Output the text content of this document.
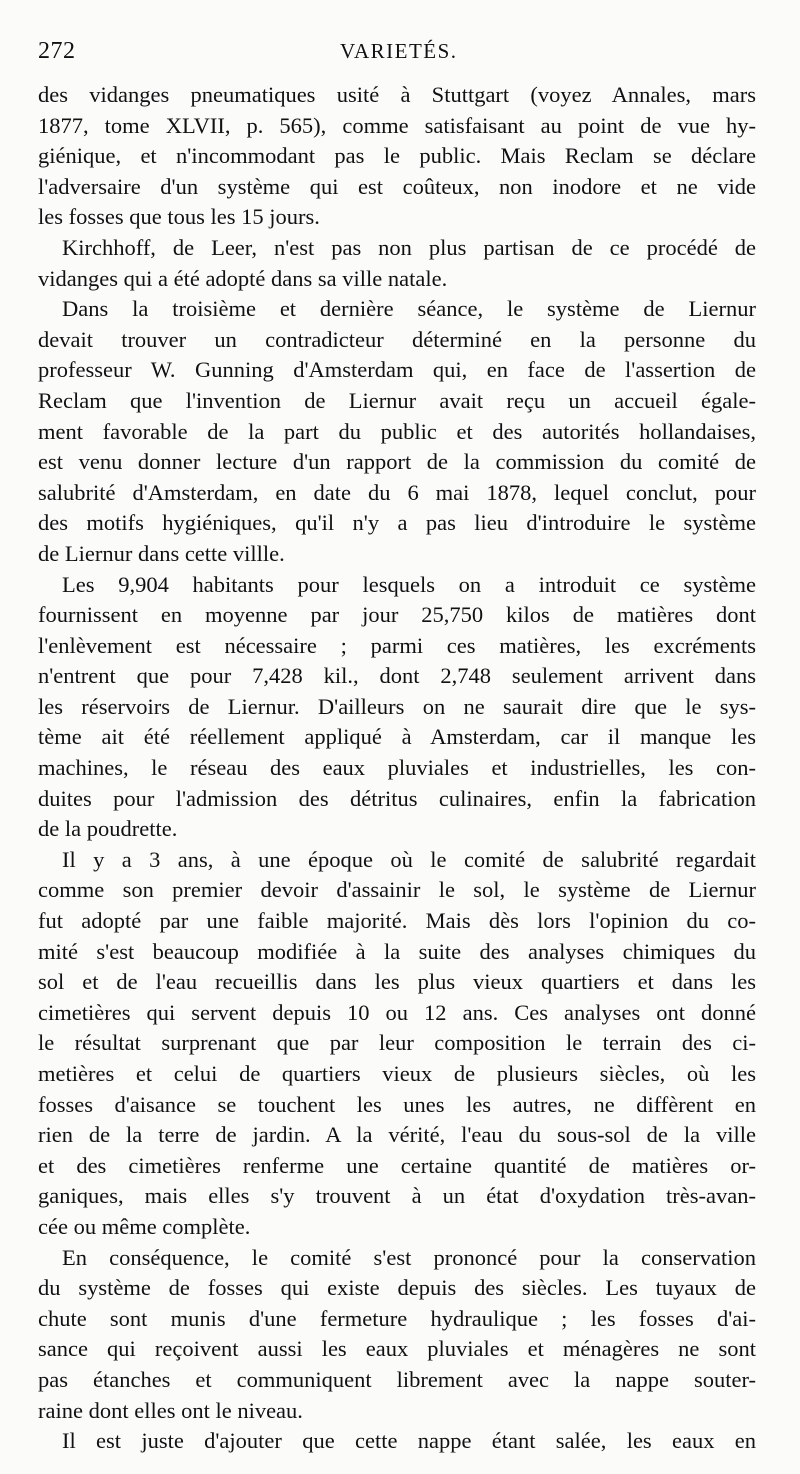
272	VARIETÉS.
des vidanges pneumatiques usité à Stuttgart (voyez Annales, mars
1877, tome XLVII, p. 565), comme satisfaisant au point de vue hy-
giénique, et n'incommodant pas le public. Mais Reclam se déclare
l'adversaire d'un système qui est coûteux, non inodore et ne vide
les fosses que tous les 15 jours.
Kirchhoff, de Leer, n'est pas non plus partisan de ce procédé de
vidanges qui a été adopté dans sa ville natale.
Dans la troisième et dernière séance, le système de Liernur
devait trouver un contradicteur déterminé en la personne du
professeur W. Gunning d'Amsterdam qui, en face de l'assertion de
Reclam que l'invention de Liernur avait reçu un accueil égale-
ment favorable de la part du public et des autorités hollandaises,
est venu donner lecture d'un rapport de la commission du comité de
salubrité d'Amsterdam, en date du 6 mai 1878, lequel conclut, pour
des motifs hygiéniques, qu'il n'y a pas lieu d'introduire le système
de Liernur dans cette villle.
Les 9,904 habitants pour lesquels on a introduit ce système
fournissent en moyenne par jour 25,750 kilos de matières dont
l'enlèvement est nécessaire ; parmi ces matières, les excréments
n'entrent que pour 7,428 kil., dont 2,748 seulement arrivent dans
les réservoirs de Liernur. D'ailleurs on ne saurait dire que le sys-
tème ait été réellement appliqué à Amsterdam, car il manque les
machines, le réseau des eaux pluviales et industrielles, les con-
duites pour l'admission des détritus culinaires, enfin la fabrication
de la poudrette.
Il y a 3 ans, à une époque où le comité de salubrité regardait
comme son premier devoir d'assainir le sol, le système de Liernur
fut adopté par une faible majorité. Mais dès lors l'opinion du co-
mité s'est beaucoup modifiée à la suite des analyses chimiques du
sol et de l'eau recueillis dans les plus vieux quartiers et dans les
cimetières qui servent depuis 10 ou 12 ans. Ces analyses ont donné
le résultat surprenant que par leur composition le terrain des ci-
metières et celui de quartiers vieux de plusieurs siècles, où les
fosses d'aisance se touchent les unes les autres, ne diffèrent en
rien de la terre de jardin. A la vérité, l'eau du sous-sol de la ville
et des cimetières renferme une certaine quantité de matières or-
ganiques, mais elles s'y trouvent à un état d'oxydation très-avan-
cée ou même complète.
En conséquence, le comité s'est prononcé pour la conservation
du système de fosses qui existe depuis des siècles. Les tuyaux de
chute sont munis d'une fermeture hydraulique ; les fosses d'ai-
sance qui reçoivent aussi les eaux pluviales et ménagères ne sont
pas étanches et communiquent librement avec la nappe souter-
raine dont elles ont le niveau.
Il est juste d'ajouter que cette nappe étant salée, les eaux en
